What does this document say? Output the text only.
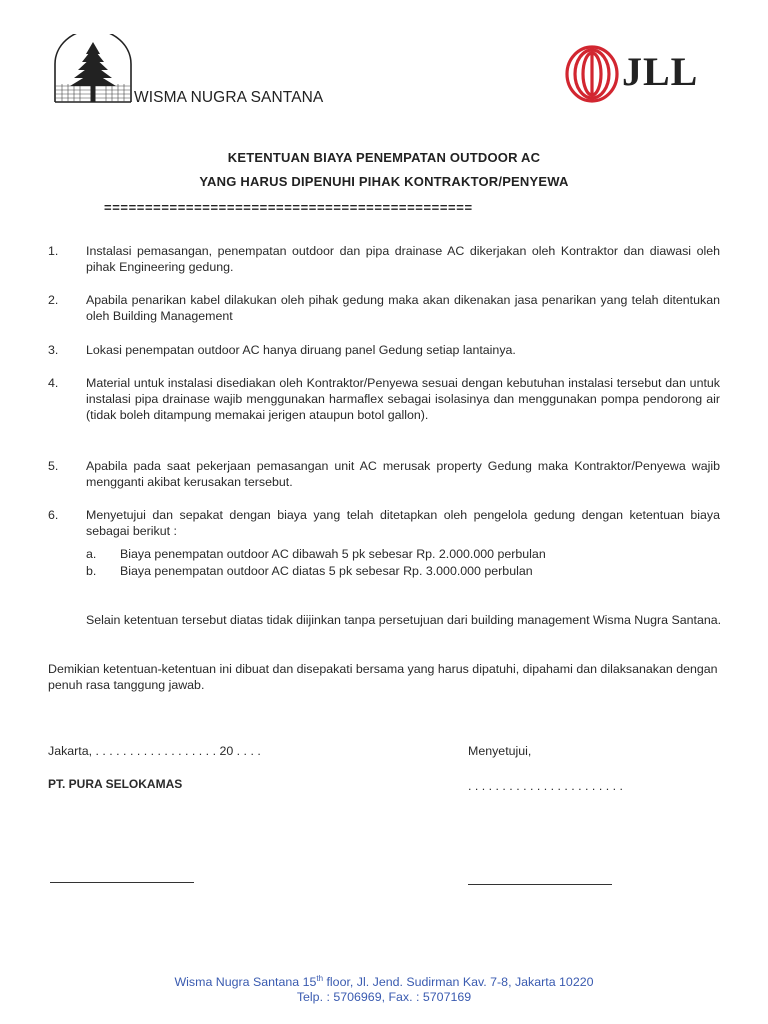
WISMA NUGRA SANTANA
JLL
KETENTUAN BIAYA PENEMPATAN OUTDOOR AC
YANG HARUS DIPENUHI PIHAK KONTRAKTOR/PENYEWA
=============================================
1. Instalasi pemasangan, penempatan outdoor dan pipa drainase AC dikerjakan oleh Kontraktor dan diawasi oleh pihak Engineering gedung.
2. Apabila penarikan kabel dilakukan oleh pihak gedung maka akan dikenakan jasa penarikan yang telah ditentukan oleh Building Management
3. Lokasi penempatan outdoor AC hanya diruang panel Gedung setiap lantainya.
4. Material untuk instalasi disediakan oleh Kontraktor/Penyewa sesuai dengan kebutuhan instalasi tersebut dan untuk instalasi pipa drainase wajib menggunakan harmaflex sebagai isolasinya dan menggunakan pompa pendorong air (tidak boleh ditampung memakai jerigen ataupun botol gallon).
5. Apabila pada saat pekerjaan pemasangan unit AC merusak property Gedung maka Kontraktor/Penyewa wajib mengganti akibat kerusakan tersebut.
6. Menyetujui dan sepakat dengan biaya yang telah ditetapkan oleh pengelola gedung dengan ketentuan biaya sebagai berikut :
a. Biaya penempatan outdoor AC dibawah 5 pk sebesar Rp. 2.000.000 perbulan
b. Biaya penempatan outdoor AC diatas 5 pk sebesar Rp. 3.000.000 perbulan
Selain ketentuan tersebut diatas tidak diijinkan tanpa persetujuan dari building management Wisma Nugra Santana.
Demikian ketentuan-ketentuan ini dibuat dan disepakati bersama yang harus dipatuhi, dipahami dan dilaksanakan dengan penuh rasa tanggung jawab.
Jakarta, . . . . . . . . . . . . . . . . . . 20 . . . .	Menyetujui,
PT. PURA SELOKAMAS	. . . . . . . . . . . . . . . . . . . . . . .
Wisma Nugra Santana 15th floor, Jl. Jend. Sudirman Kav. 7-8, Jakarta 10220
Telp. : 5706969, Fax. : 5707169
